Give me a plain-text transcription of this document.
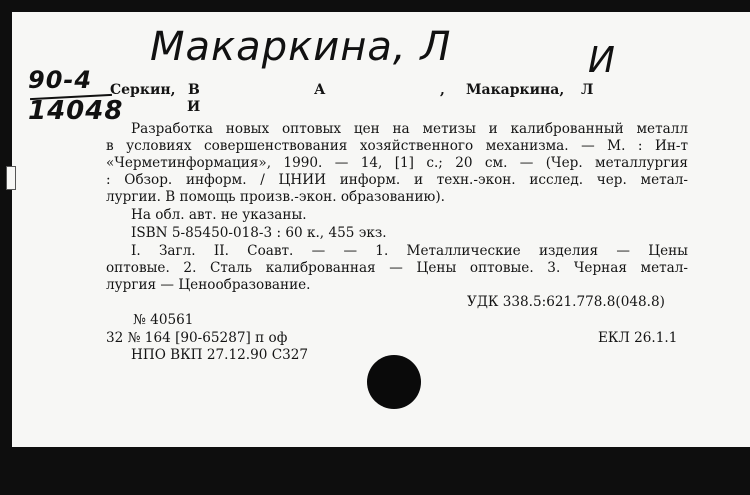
Макаркина, Л	И
90-4
14048
Серкин, В	А
И
, Макаркина, Л
Разработка новых оптовых цен на метизы и калиброванный металл
в условиях совершенствования хозяйственного механизма. — М. : Ин-т
«Черметинформация», 1990. — 14, [1] с.; 20 см. — (Чер. металлургия
: Обзор. информ. / ЦНИИ информ. и техн.-экон. исслед. чер. метал-
лургии. В помощь произв.-экон. образованию).
На обл. авт. не указаны.
ISBN 5-85450-018-3 : 60 к., 455 экз.
I. Загл. II. Соавт. — — 1. Металлические изделия — Цены
оптовые. 2. Сталь калиброванная — Цены оптовые. 3. Черная метал-
лургия — Ценообразование.
УДК 338.5:621.778.8(048.8)
№ 40561
32 № 164 [90-65287] п оф	ЕКЛ 26.1.1
НПО ВКП 27.12.90 С327
